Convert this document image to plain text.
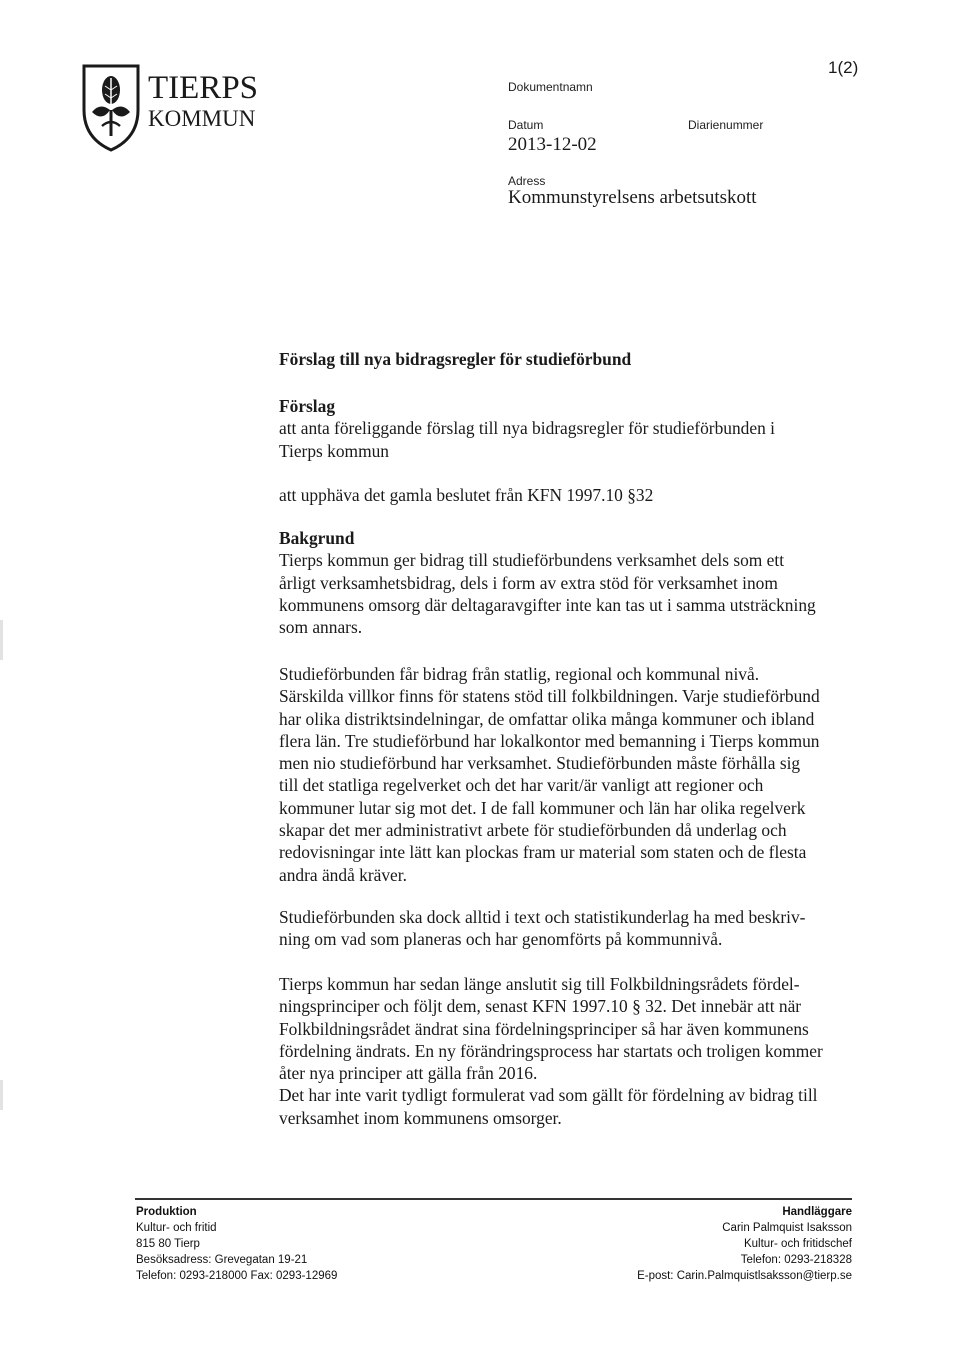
TIERPS
KOMMUN
1(2)
Dokumentnamn
Datum
2013-12-02
Diarienummer
Adress
Kommunstyrelsens arbetsutskott
Förslag till nya bidragsregler för studieförbund

Förslag

att anta föreliggande förslag till nya bidragsregler för studieförbunden i

Tierps kommun

att upphäva det gamla beslutet från KFN 1997.10 §32

Bakgrund

Tierps kommun ger bidrag till studieförbundens verksamhet dels som ett

årligt verksamhetsbidrag, dels i form av extra stöd för verksamhet inom

kommunens omsorg där deltagaravgifter inte kan tas ut i samma utsträckning

som annars.

Studieförbunden får bidrag från statlig, regional och kommunal nivå.

Särskilda villkor finns för statens stöd till folkbildningen. Varje studieförbund

har olika distriktsindelningar, de omfattar olika många kommuner och ibland

flera län. Tre studieförbund har lokalkontor med bemanning i Tierps kommun

men nio studieförbund har verksamhet. Studieförbunden måste förhålla sig

till det statliga regelverket och det har varit/är vanligt att regioner och

kommuner lutar sig mot det. I de fall kommuner och län har olika regelverk

skapar det mer administrativt arbete för studieförbunden då underlag och

redovisningar inte lätt kan plockas fram ur material som staten och de flesta

andra ändå kräver.

Studieförbunden ska dock alltid i text och statistikunderlag ha med beskriv-

ning om vad som planeras och har genomförts på kommunnivå.

Tierps kommun har sedan länge anslutit sig till Folkbildningsrådets fördel-

ningsprinciper och följt dem, senast KFN 1997.10 § 32. Det innebär att när

Folkbildningsrådet ändrat sina fördelningsprinciper så har även kommunens

fördelning ändrats. En ny förändringsprocess har startats och troligen kommer

åter nya principer att gälla från 2016.

Det har inte varit tydligt formulerat vad som gällt för fördelning av bidrag till

verksamhet inom kommunens omsorger.

Produktion
Kultur- och fritid
815 80 Tierp
Besöksadress: Grevegatan 19-21
Telefon: 0293-218000 Fax: 0293-12969
Handläggare
Carin Palmquist Isaksson
Kultur- och fritidschef
Telefon: 0293-218328
E-post: Carin.Palmquistlsaksson@tierp.se
